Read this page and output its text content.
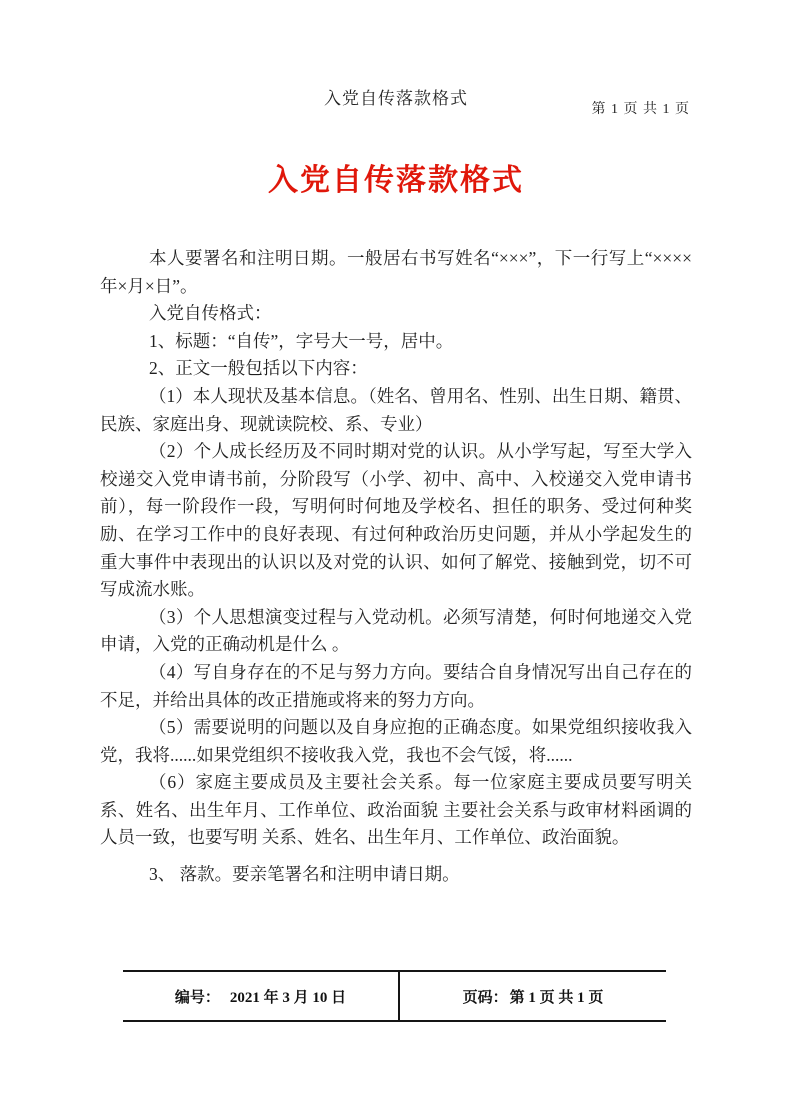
入党自传落款格式
第 1 页 共 1 页
入党自传落款格式

本人要署名和注明日期。一般居右书写姓名“×××”，下一行写上“××××年×月×日”。

入党自传格式：

1、标题：“自传”，字号大一号，居中。

2、正文一般包括以下内容：

（1）本人现状及基本信息。（姓名、曾用名、性别、出生日期、籍贯、民族、家庭出身、现就读院校、系、专业）

（2）个人成长经历及不同时期对党的认识。从小学写起，写至大学入校递交入党申请书前，分阶段写（小学、初中、高中、入校递交入党申请书前），每一阶段作一段，写明何时何地及学校名、担任的职务、受过何种奖励、在学习工作中的良好表现、有过何种政治历史问题，并从小学起发生的重大事件中表现出的认识以及对党的认识、如何了解党、接触到党，切不可写成流水账。

（3）个人思想演变过程与入党动机。必须写清楚，何时何地递交入党申请，入党的正确动机是什么 。

（4）写自身存在的不足与努力方向。要结合自身情况写出自己存在的不足，并给出具体的改正措施或将来的努力方向。

（5）需要说明的问题以及自身应抱的正确态度。如果党组织接收我入党，我将......如果党组织不接收我入党，我也不会气馁，将......

（6）家庭主要成员及主要社会关系。每一位家庭主要成员要写明关系、姓名、出生年月、工作单位、政治面貌 主要社会关系与政审材料函调的人员一致，也要写明 关系、姓名、出生年月、工作单位、政治面貌。

3、 落款。要亲笔署名和注明申请日期。

编号： 2021 年 3 月 10 日	页码： 第 1 页 共 1 页
